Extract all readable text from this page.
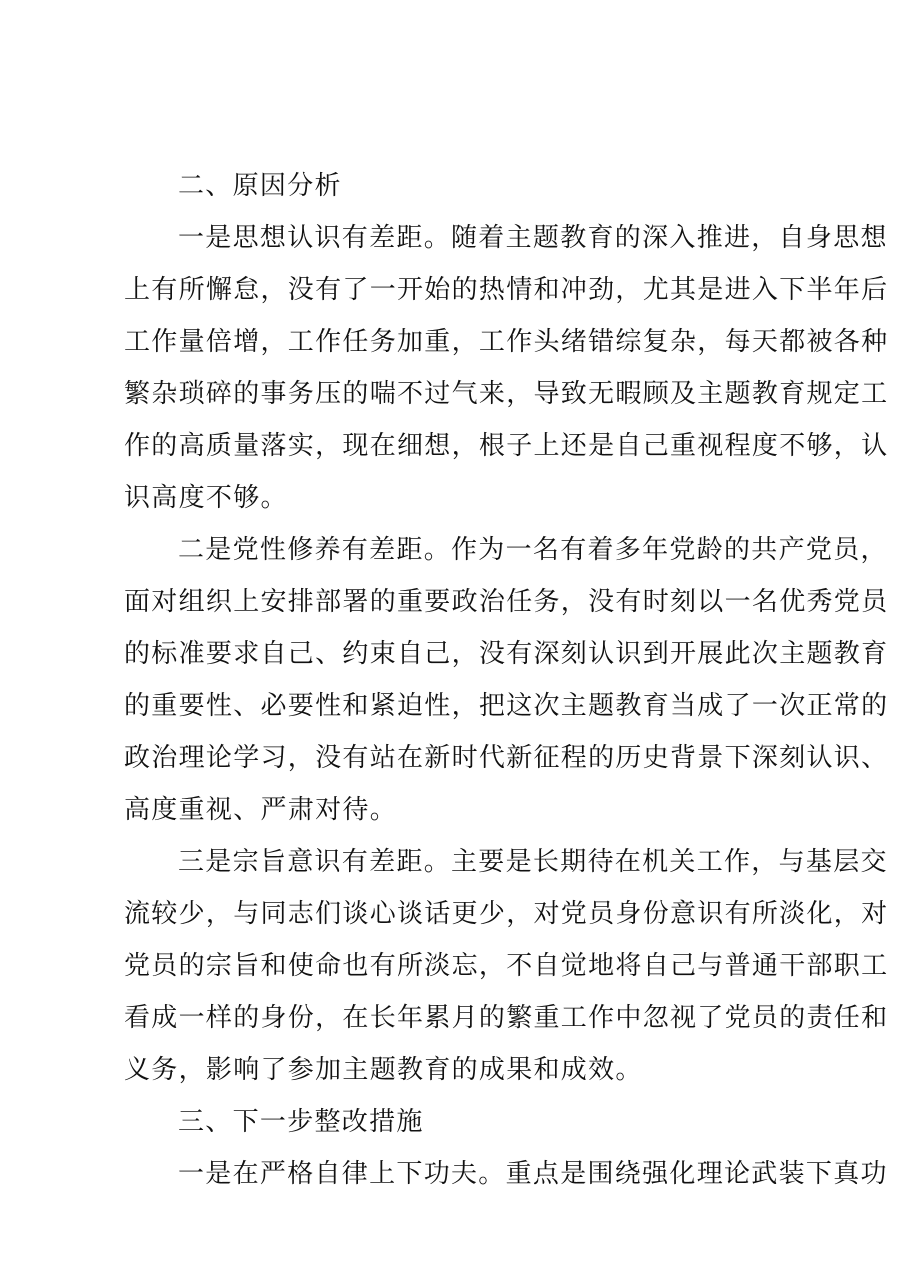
二、原因分析
一是思想认识有差距。随着主题教育的深入推进，自身思想
上有所懈怠，没有了一开始的热情和冲劲，尤其是进入下半年后
工作量倍增，工作任务加重，工作头绪错综复杂，每天都被各种
繁杂琐碎的事务压的喘不过气来，导致无暇顾及主题教育规定工
作的高质量落实，现在细想，根子上还是自己重视程度不够，认
识高度不够。
二是党性修养有差距。作为一名有着多年党龄的共产党员，
面对组织上安排部署的重要政治任务，没有时刻以一名优秀党员
的标准要求自己、约束自己，没有深刻认识到开展此次主题教育
的重要性、必要性和紧迫性，把这次主题教育当成了一次正常的
政治理论学习，没有站在新时代新征程的历史背景下深刻认识、
高度重视、严肃对待。
三是宗旨意识有差距。主要是长期待在机关工作，与基层交
流较少，与同志们谈心谈话更少，对党员身份意识有所淡化，对
党员的宗旨和使命也有所淡忘，不自觉地将自己与普通干部职工
看成一样的身份，在长年累月的繁重工作中忽视了党员的责任和
义务，影响了参加主题教育的成果和成效。
三、下一步整改措施
一是在严格自律上下功夫。重点是围绕强化理论武装下真功
